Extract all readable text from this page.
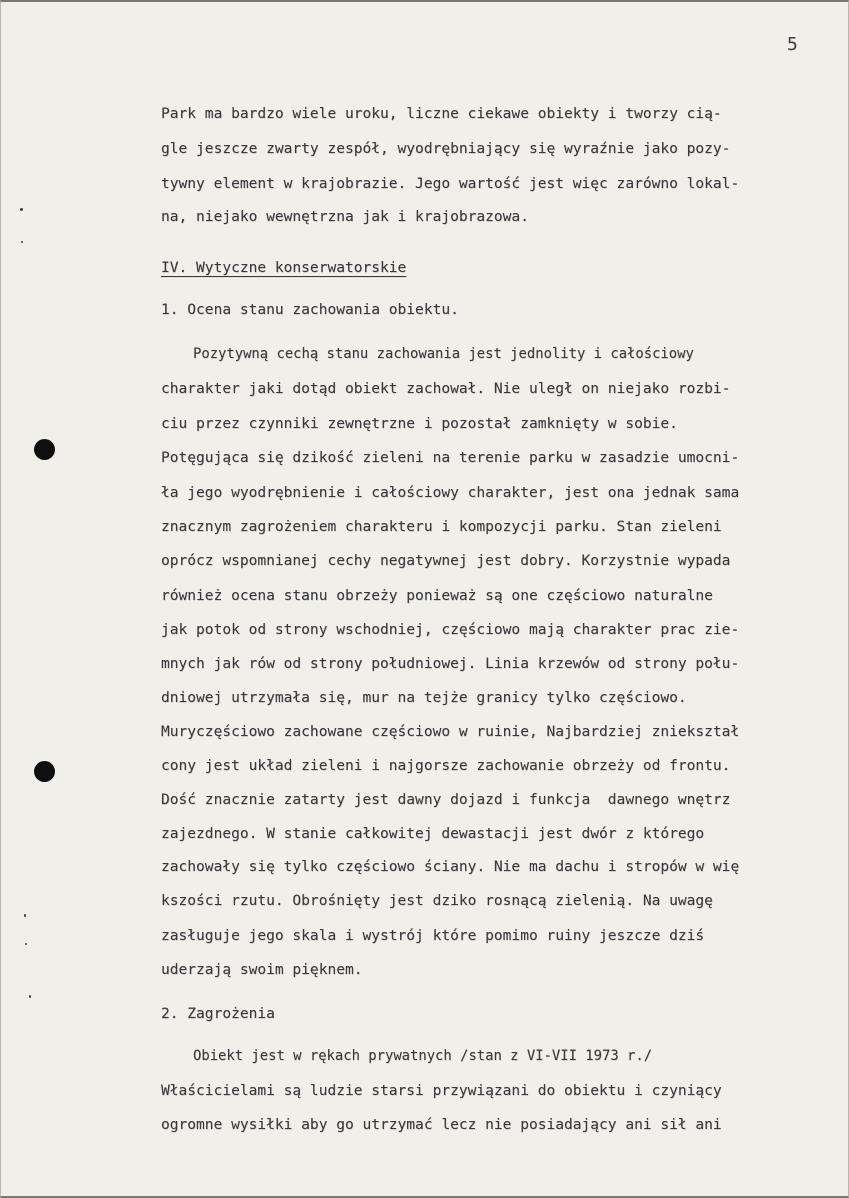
5
Park ma bardzo wiele uroku, liczne ciekawe obiekty i tworzy cią-
gle jeszcze zwarty zespół, wyodrębniający się wyraźnie jako pozy-
tywny element w krajobrazie. Jego wartość jest więc zarówno lokal-
na, niejako wewnętrzna jak i krajobrazowa.
IV. Wytyczne konserwatorskie
1. Ocena stanu zachowania obiektu.
Pozytywną cechą stanu zachowania jest jednolity i całościowy
charakter jaki dotąd obiekt zachował. Nie uległ on niejako rozbi-
ciu przez czynniki zewnętrzne i pozostał zamknięty w sobie.
Potęgująca się dzikość zieleni na terenie parku w zasadzie umocni-
ła jego wyodrębnienie i całościowy charakter, jest ona jednak sama
znacznym zagrożeniem charakteru i kompozycji parku. Stan zieleni
oprócz wspomnianej cechy negatywnej jest dobry. Korzystnie wypada
również ocena stanu obrzeży ponieważ są one częściowo naturalne
jak potok od strony wschodniej, częściowo mają charakter prac zie-
mnych jak rów od strony południowej. Linia krzewów od strony połu-
dniowej utrzymała się, mur na tejże granicy tylko częściowo.
Muryczęściowo zachowane częściowo w ruinie, Najbardziej zniekształ
cony jest układ zieleni i najgorsze zachowanie obrzeży od frontu.
Dość znacznie zatarty jest dawny dojazd i funkcja  dawnego wnętrz
zajezdnego. W stanie całkowitej dewastacji jest dwór z którego
zachowały się tylko częściowo ściany. Nie ma dachu i stropów w wię
kszości rzutu. Obrośnięty jest dziko rosnącą zielenią. Na uwagę
zasługuje jego skala i wystrój które pomimo ruiny jeszcze dziś
uderzają swoim pięknem.
2. Zagrożenia
Obiekt jest w rękach prywatnych /stan z VI-VII 1973 r./
Właścicielami są ludzie starsi przywiązani do obiektu i czyniący
ogromne wysiłki aby go utrzymać lecz nie posiadający ani sił ani
